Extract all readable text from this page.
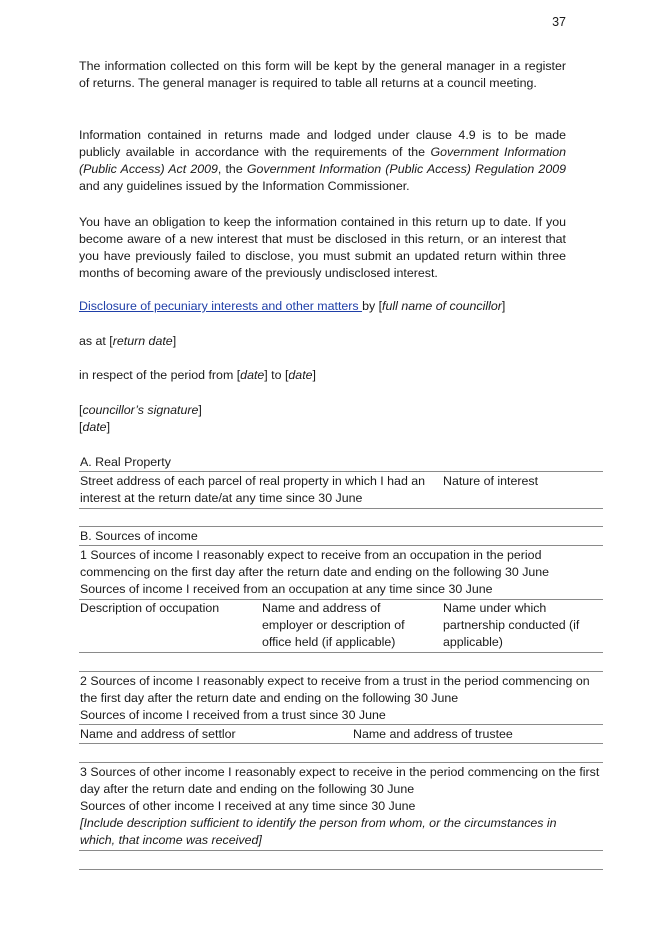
37

The information collected on this form will be kept by the general manager in a register of returns. The general manager is required to table all returns at a council meeting.

Information contained in returns made and lodged under clause 4.9 is to be made publicly available in accordance with the requirements of the Government Information (Public Access) Act 2009, the Government Information (Public Access) Regulation 2009 and any guidelines issued by the Information Commissioner.

You have an obligation to keep the information contained in this return up to date. If you become aware of a new interest that must be disclosed in this return, or an interest that you have previously failed to disclose, you must submit an updated return within three months of becoming aware of the previously undisclosed interest.

Disclosure of pecuniary interests and other matters by [full name of councillor]

as at [return date]

in respect of the period from [date] to [date]

[councillor’s signature]

[date]

A. Real Property
Street address of each parcel of real property in which I had an interest at the return date/at any time since 30 June
Nature of interest
B. Sources of income
1 Sources of income I reasonably expect to receive from an occupation in the period commencing on the first day after the return date and ending on the following 30 June
Sources of income I received from an occupation at any time since 30 June
Description of occupation	Name and address of employer or description of office held (if applicable)
Name under which partnership conducted (if applicable)
2 Sources of income I reasonably expect to receive from a trust in the period commencing on the first day after the return date and ending on the following 30 June
Sources of income I received from a trust since 30 June
Name and address of settlor	Name and address of trustee
3 Sources of other income I reasonably expect to receive in the period commencing on the first day after the return date and ending on the following 30 June
Sources of other income I received at any time since 30 June
[Include description sufficient to identify the person from whom, or the circumstances in which, that income was received]
